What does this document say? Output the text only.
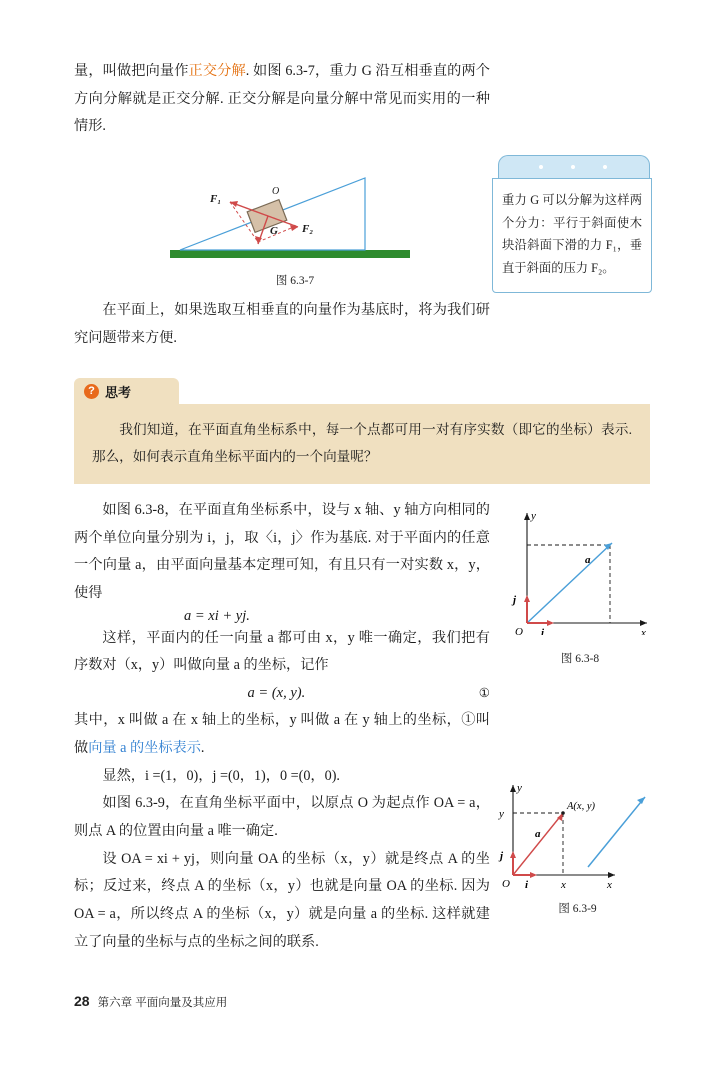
量，叫做把向量作正交分解. 如图 6.3-7，重力 G 沿互相垂直的两个方向分解就是正交分解. 正交分解是向量分解中常见而实用的一种情形.
F₁
F₂
G
O
图 6.3-7
重力 G 可以分解为这样两个分力：平行于斜面使木块沿斜面下滑的力 F₁，垂直于斜面的压力 F₂。
在平面上，如果选取互相垂直的向量作为基底时，将为我们研究问题带来方便.
? 思考
我们知道，在平面直角坐标系中，每一个点都可用一对有序实数（即它的坐标）表示. 那么，如何表示直角坐标平面内的一个向量呢？
如图 6.3-8，在平面直角坐标系中，设与 x 轴、y 轴方向相同的两个单位向量分别为 i，j，取〈i，j〉作为基底. 对于平面内的任意一个向量 a，由平面向量基本定理可知，有且只有一对实数 x，y，使得
a = xi + yj.
这样，平面内的任一向量 a 都可由 x，y 唯一确定，我们把有序数对（x，y）叫做向量 a 的坐标，记作
①
a = (x, y).
其中，x 叫做 a 在 x 轴上的坐标，y 叫做 a 在 y 轴上的坐标，①叫做向量 a 的坐标表示.
显然，i =(1，0)，j =(0，1)，0 =(0，0).
如图 6.3-9，在直角坐标平面中，以原点 O 为起点作 OA = a，则点 A 的位置由向量 a 唯一确定.
设 OA = xi + yj，则向量 OA 的坐标（x，y）就是终点 A 的坐标；反过来，终点 A 的坐标（x，y）也就是向量 OA 的坐标. 因为 OA = a，所以终点 A 的坐标（x，y）就是向量 a 的坐标. 这样就建立了向量的坐标与点的坐标之间的联系.
y
x
O
j
i
a
图 6.3-8
y
x
O
j
i	x
y
A(x, y)
a
图 6.3-9
28 第六章 平面向量及其应用
